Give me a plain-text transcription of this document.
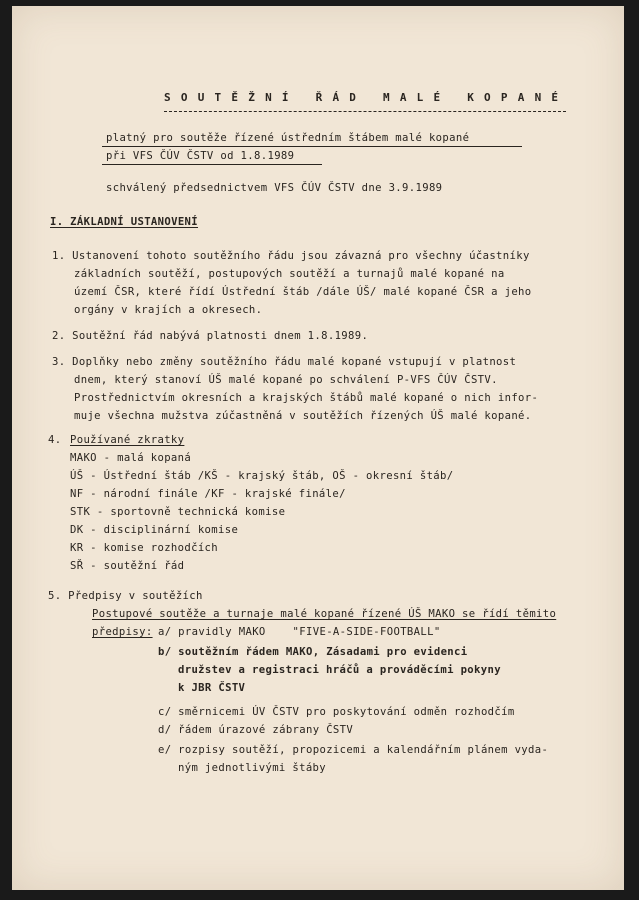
S O U T Ě Ž N Í   Ř Á D   M A L É   K O P A N É
platný pro soutěže řízené ústředním štábem malé kopané
při VFS ČÚV ČSTV od 1.8.1989
schválený předsednictvem VFS ČÚV ČSTV dne 3.9.1989
I. ZÁKLADNÍ USTANOVENÍ
1. Ustanovení tohoto soutěžního řádu jsou závazná pro všechny účastníky
základních soutěží, postupových soutěží a turnajů malé kopané na
území ČSR, které řídí Ústřední štáb /dále ÚŠ/ malé kopané ČSR a jeho
orgány v krajích a okresech.
2. Soutěžní řád nabývá platnosti dnem 1.8.1989.
3. Doplňky nebo změny soutěžního řádu malé kopané vstupují v platnost
dnem, který stanoví ÚŠ malé kopané po schválení P-VFS ČÚV ČSTV.
Prostřednictvím okresních a krajských štábů malé kopané o nich infor-
muje všechna mužstva zúčastněná v soutěžích řízených ÚŠ malé kopané.
4. Používané zkratky
MAKO - malá kopaná
ÚŠ - Ústřední štáb /KŠ - krajský štáb, OŠ - okresní štáb/
NF - národní finále /KF - krajské finále/
STK - sportovně technická komise
DK - disciplinární komise
KR - komise rozhodčích
SŘ - soutěžní řád
5. Předpisy v soutěžích
Postupové soutěže a turnaje malé kopané řízené ÚŠ MAKO se řídí těmito
předpisy: a/ pravidly MAKO    "FIVE-A-SIDE-FOOTBALL"
b/ soutěžním řádem MAKO, Zásadami pro evidenci
družstev a registraci hráčů a prováděcími pokyny
k JBR ČSTV
c/ směrnicemi ÚV ČSTV pro poskytování odměn rozhodčím
d/ řádem úrazové zábrany ČSTV
e/ rozpisy soutěží, propozicemi a kalendářním plánem vyda-
ným jednotlivými štáby
